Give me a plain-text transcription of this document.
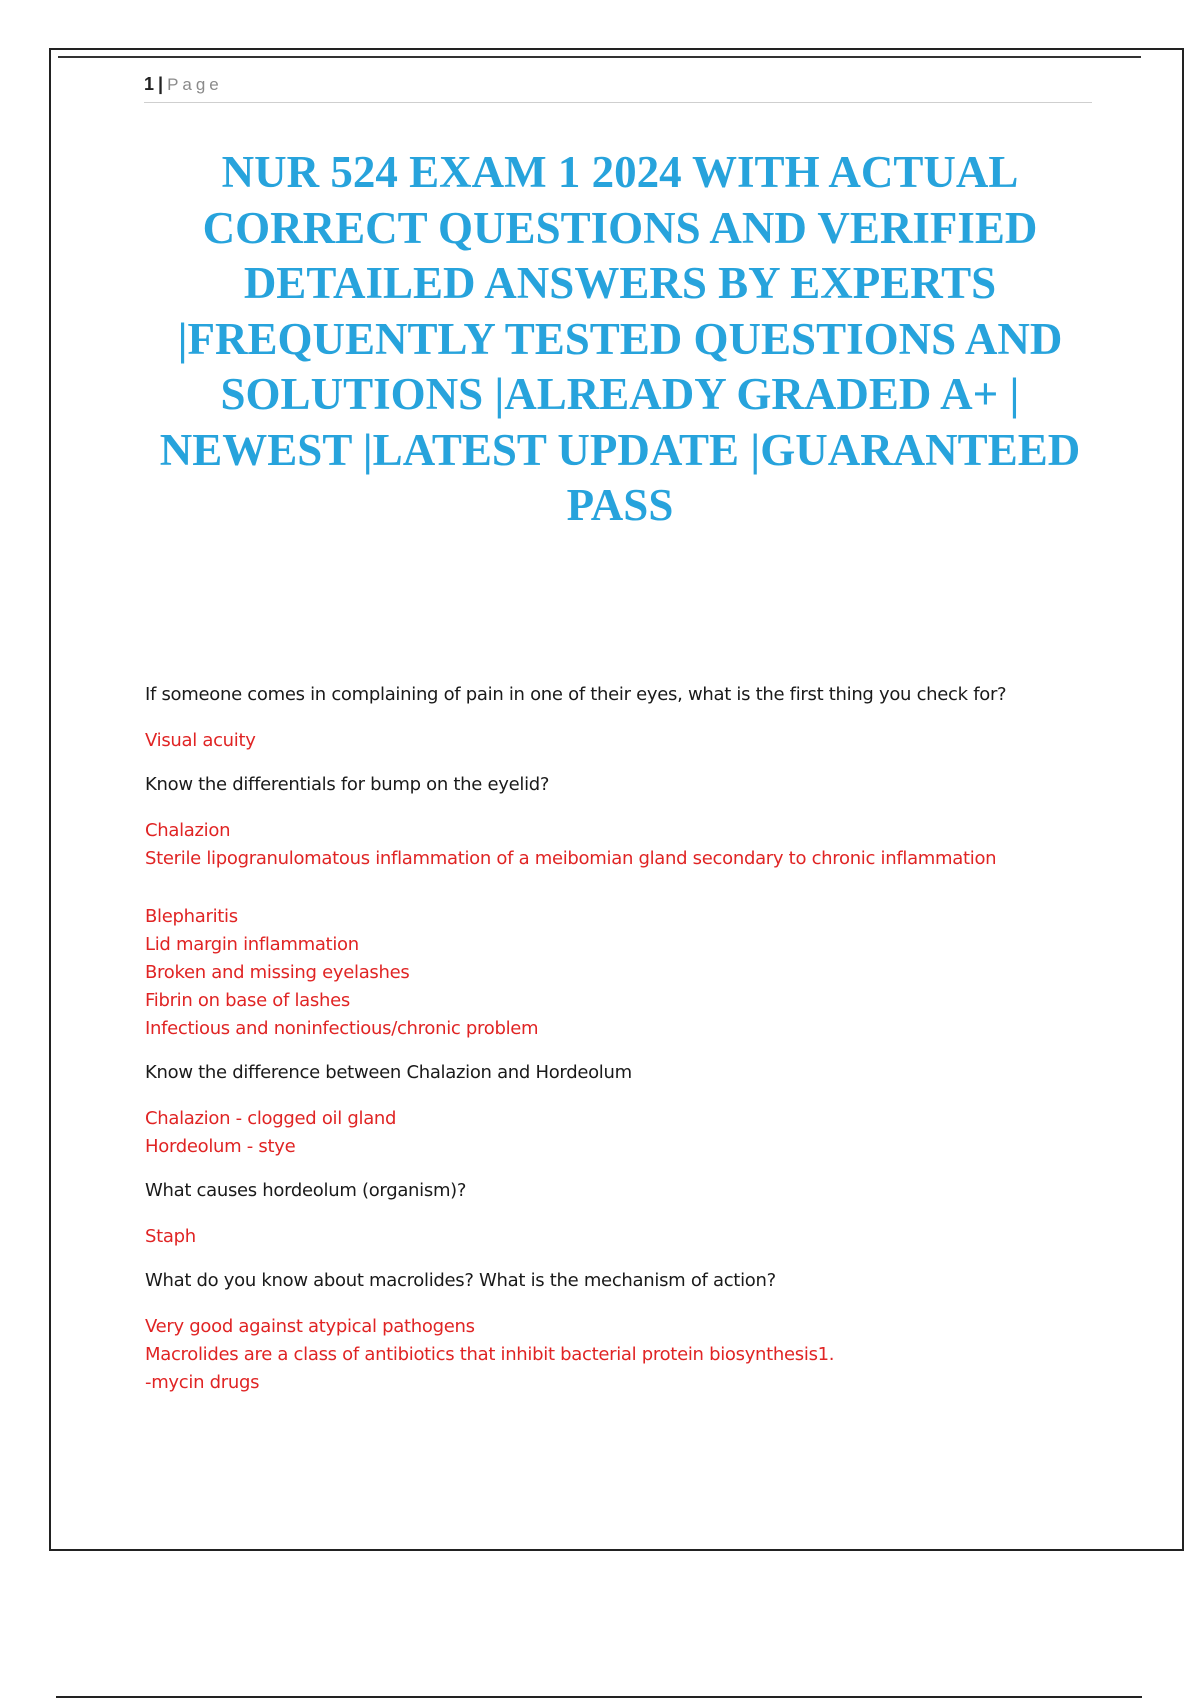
1 | Page
NUR 524 EXAM 1 2024 WITH ACTUAL CORRECT QUESTIONS AND VERIFIED DETAILED ANSWERS BY EXPERTS |FREQUENTLY TESTED QUESTIONS AND SOLUTIONS |ALREADY GRADED A+ | NEWEST |LATEST UPDATE |GUARANTEED PASS
If someone comes in complaining of pain in one of their eyes, what is the first thing you check for?
Visual acuity
Know the differentials for bump on the eyelid?
Chalazion
Sterile lipogranulomatous inflammation of a meibomian gland secondary to chronic inflammation
Blepharitis
Lid margin inflammation
Broken and missing eyelashes
Fibrin on base of lashes
Infectious and noninfectious/chronic problem
Know the difference between Chalazion and Hordeolum
Chalazion - clogged oil gland
Hordeolum - stye
What causes hordeolum (organism)?
Staph
What do you know about macrolides? What is the mechanism of action?
Very good against atypical pathogens
Macrolides are a class of antibiotics that inhibit bacterial protein biosynthesis1.
-mycin drugs
